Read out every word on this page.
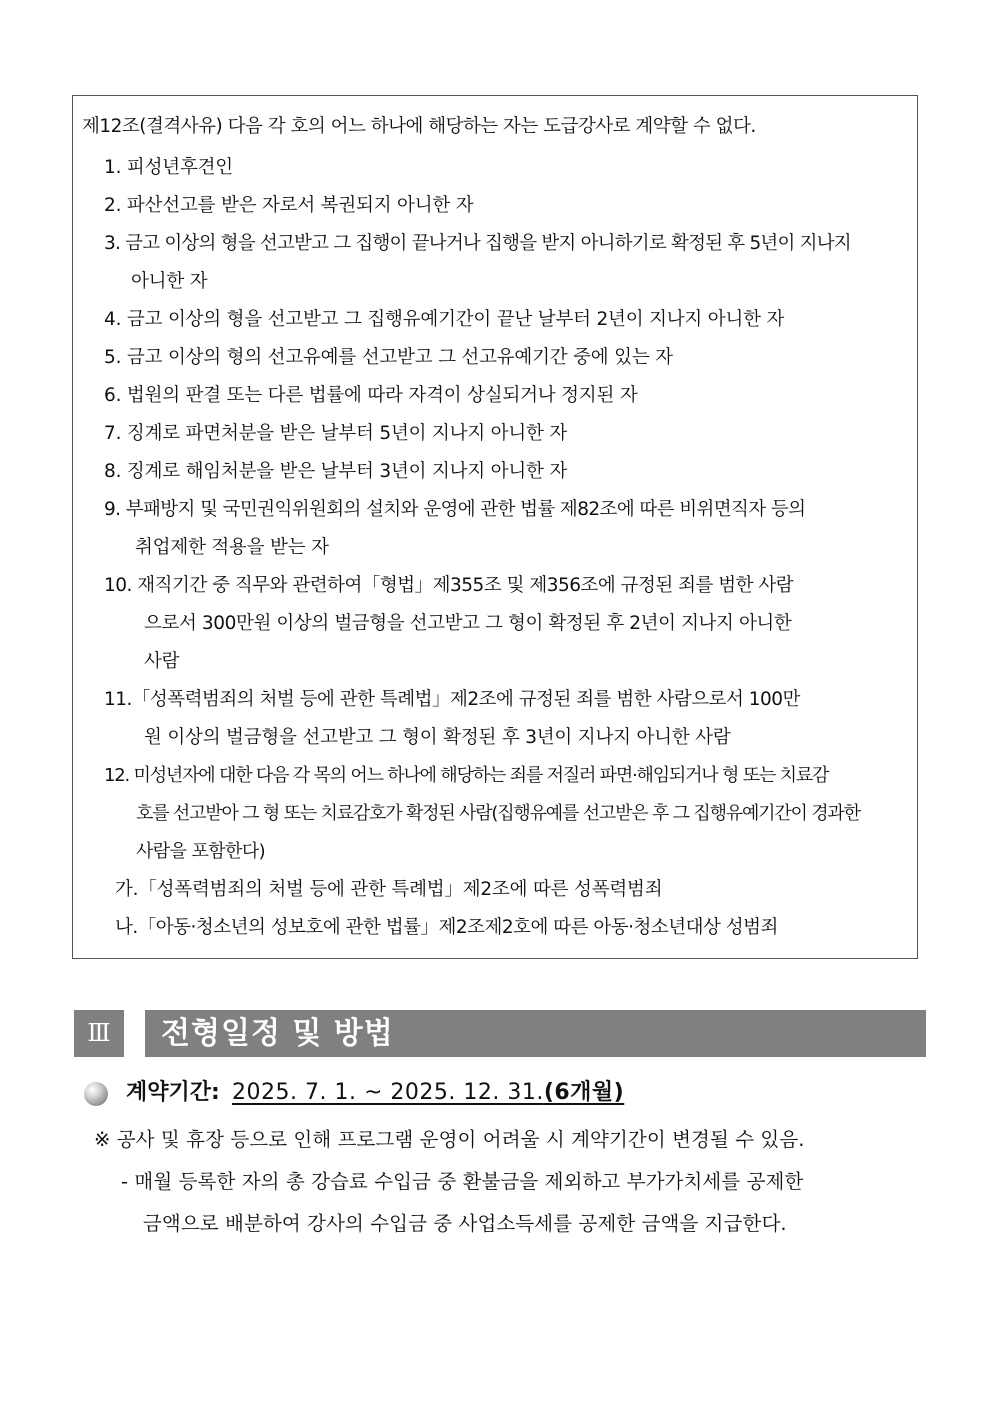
제12조(결격사유) 다음 각 호의 어느 하나에 해당하는 자는 도급강사로 계약할 수 없다.
1. 피성년후견인
2. 파산선고를 받은 자로서 복권되지 아니한 자
3. 금고 이상의 형을 선고받고 그 집행이 끝나거나 집행을 받지 아니하기로 확정된 후 5년이 지나지
아니한 자
4. 금고 이상의 형을 선고받고 그 집행유예기간이 끝난 날부터 2년이 지나지 아니한 자
5. 금고 이상의 형의 선고유예를 선고받고 그 선고유예기간 중에 있는 자
6. 법원의 판결 또는 다른 법률에 따라 자격이 상실되거나 정지된 자
7. 징계로 파면처분을 받은 날부터 5년이 지나지 아니한 자
8. 징계로 해임처분을 받은 날부터 3년이 지나지 아니한 자
9. 부패방지 및 국민권익위원회의 설치와 운영에 관한 법률 제82조에 따른 비위면직자 등의
취업제한 적용을 받는 자
10. 재직기간 중 직무와 관련하여「형법」제355조 및 제356조에 규정된 죄를 범한 사람
으로서 300만원 이상의 벌금형을 선고받고 그 형이 확정된 후 2년이 지나지 아니한
사람
11.「성폭력범죄의 처벌 등에 관한 특례법」제2조에 규정된 죄를 범한 사람으로서 100만
원 이상의 벌금형을 선고받고 그 형이 확정된 후 3년이 지나지 아니한 사람
12. 미성년자에 대한 다음 각 목의 어느 하나에 해당하는 죄를 저질러 파면·해임되거나 형 또는 치료감
호를 선고받아 그 형 또는 치료감호가 확정된 사람(집행유예를 선고받은 후 그 집행유예기간이 경과한
사람을 포함한다)
가.「성폭력범죄의 처벌 등에 관한 특례법」제2조에 따른 성폭력범죄
나.「아동·청소년의 성보호에 관한 법률」제2조제2호에 따른 아동·청소년대상 성범죄
Ⅲ	전형일정 및 방법
계약기간: 2025. 7. 1. ~ 2025. 12. 31.(6개월)
※ 공사 및 휴장 등으로 인해 프로그램 운영이 어려울 시 계약기간이 변경될 수 있음.
- 매월 등록한 자의 총 강습료 수입금 중 환불금을 제외하고 부가가치세를 공제한
금액으로 배분하여 강사의 수입금 중 사업소득세를 공제한 금액을 지급한다.
